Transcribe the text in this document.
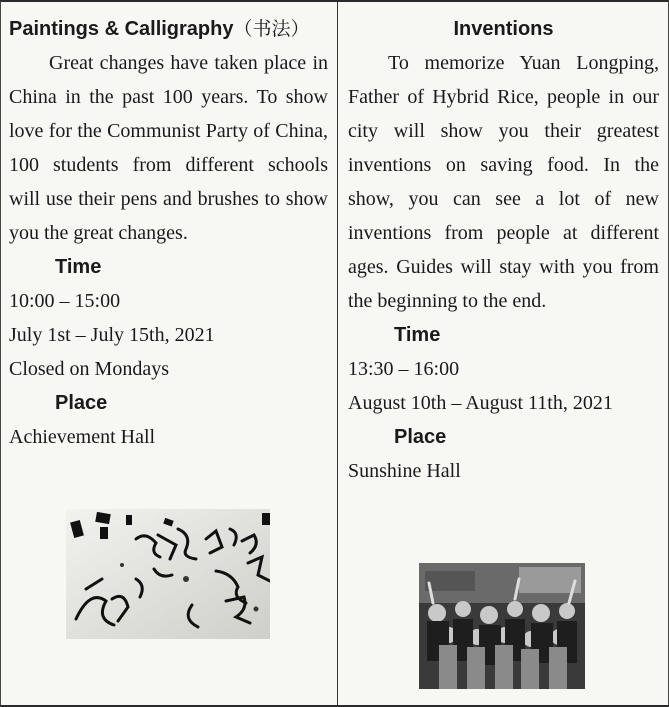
Paintings & Calligraphy（书法）

Great changes have taken place in China in the past 100 years. To show love for the Communist Party of China, 100 students from different schools will use their pens and brushes to show you the great changes.

Time
10:00 – 15:00
July 1st – July 15th, 2021
Closed on Mondays
Place
Achievement Hall
Inventions

To memorize Yuan Longping, Father of Hybrid Rice, people in our city will show you their greatest inventions on saving food. In the show, you can see a lot of new inventions from people at different ages. Guides will stay with you from the beginning to the end.

Time
13:30 – 16:00
August 10th – August 11th, 2021
Place
Sunshine Hall
